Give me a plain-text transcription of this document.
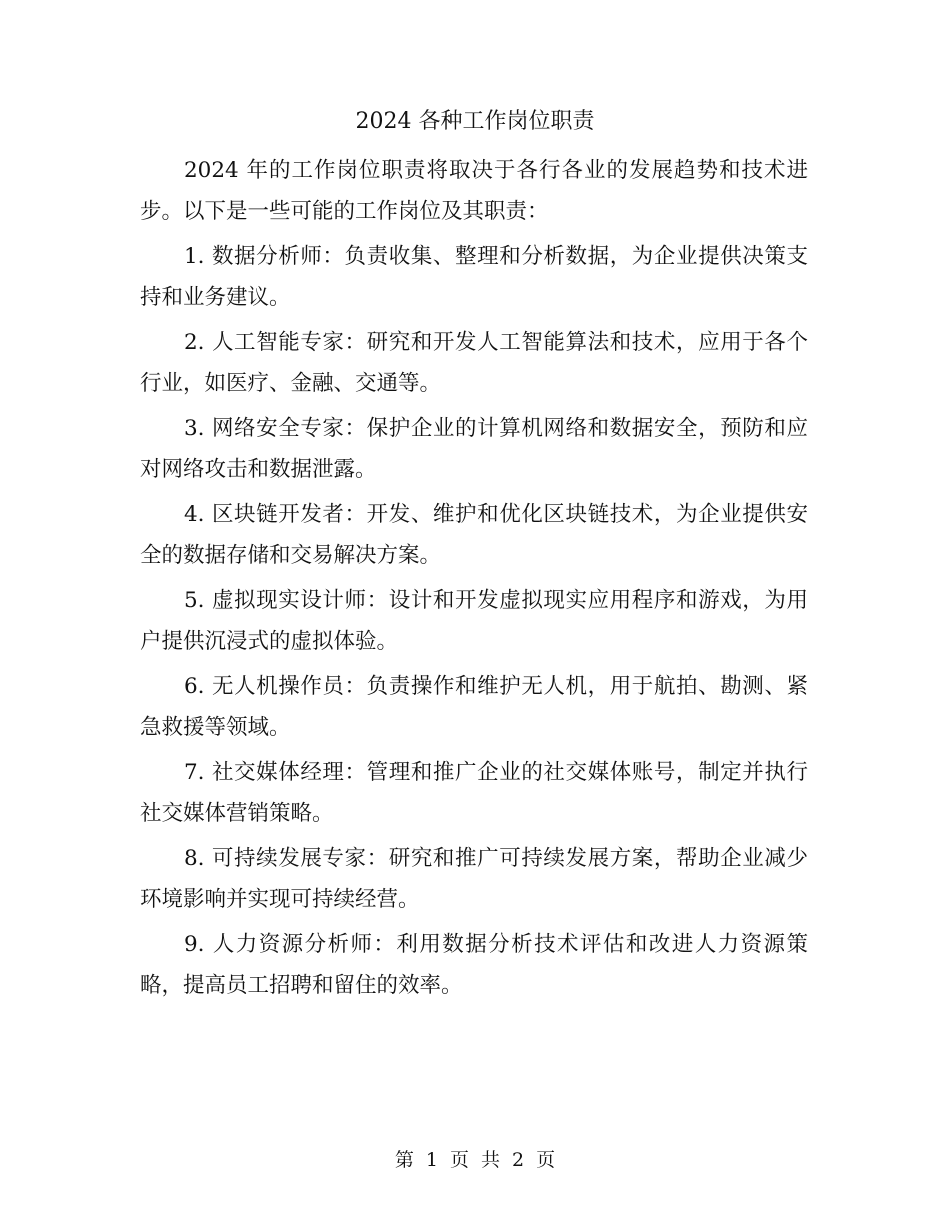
2024 各种工作岗位职责

2024 年的工作岗位职责将取决于各行各业的发展趋势和技术进步。以下是一些可能的工作岗位及其职责：

1. 数据分析师：负责收集、整理和分析数据，为企业提供决策支持和业务建议。

2. 人工智能专家：研究和开发人工智能算法和技术，应用于各个行业，如医疗、金融、交通等。

3. 网络安全专家：保护企业的计算机网络和数据安全，预防和应对网络攻击和数据泄露。

4. 区块链开发者：开发、维护和优化区块链技术，为企业提供安全的数据存储和交易解决方案。

5. 虚拟现实设计师：设计和开发虚拟现实应用程序和游戏，为用户提供沉浸式的虚拟体验。

6. 无人机操作员：负责操作和维护无人机，用于航拍、勘测、紧急救援等领域。

7. 社交媒体经理：管理和推广企业的社交媒体账号，制定并执行社交媒体营销策略。

8. 可持续发展专家：研究和推广可持续发展方案，帮助企业减少环境影响并实现可持续经营。

9. 人力资源分析师：利用数据分析技术评估和改进人力资源策略，提高员工招聘和留住的效率。

第 1 页 共 2 页
